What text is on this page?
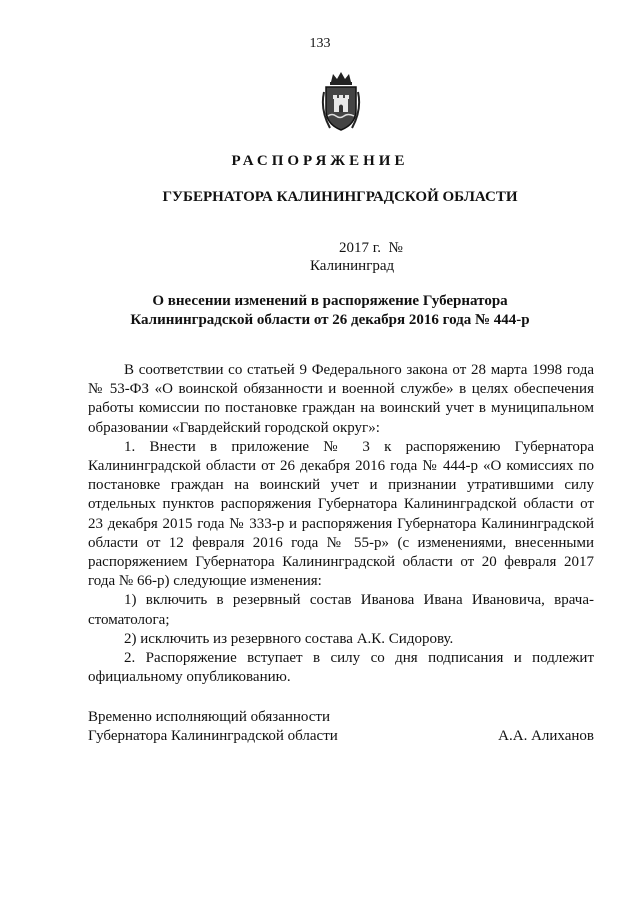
133
РАСПОРЯЖЕНИЕ
ГУБЕРНАТОРА КАЛИНИНГРАДСКОЙ ОБЛАСТИ
2017 г.  №
Калининград
О внесении изменений в распоряжение Губернатора
Калининградской области от 26 декабря 2016 года № 444-р

В соответствии со статьей 9 Федерального закона от 28 марта 1998 года № 53-ФЗ «О воинской обязанности и военной службе» в целях обеспечения работы комиссии по постановке граждан на воинский учет в муниципальном образовании «Гвардейский городской округ»:

1. Внести в приложение № 3 к распоряжению Губернатора Калининградской области от 26 декабря 2016 года № 444-р «О комиссиях по постановке граждан на воинский учет и признании утратившими силу отдельных пунктов распоряжения Губернатора Калининградской области от 23 декабря 2015 года № 333-р и распоряжения Губернатора Калининградской области от 12 февраля 2016 года № 55-р» (с изменениями, внесенными распоряжением Губернатора Калининградской области от 20 февраля 2017 года № 66-р) следующие изменения:

1) включить в резервный состав Иванова Ивана Ивановича, врача-стоматолога;

2) исключить из резервного состава А.К. Сидорову.

2. Распоряжение вступает в силу со дня подписания и подлежит официальному опубликованию.

Временно исполняющий обязанности
Губернатора Калининградской области	А.А. Алиханов
